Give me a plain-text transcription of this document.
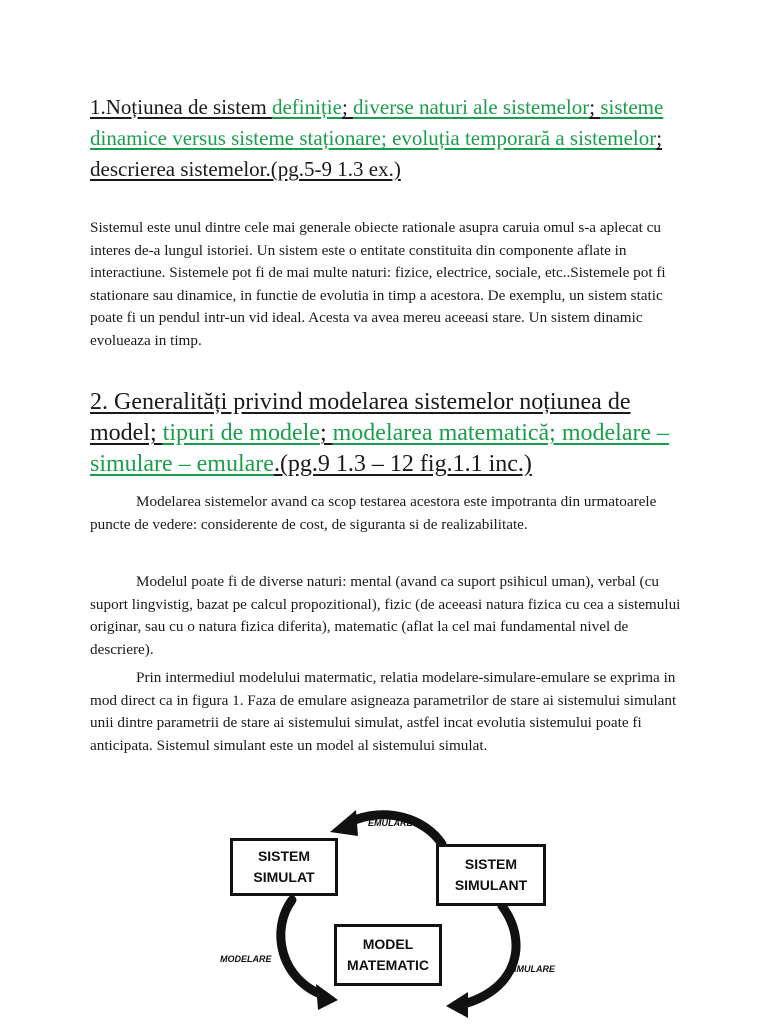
1.Noțiunea de sistem definiție; diverse naturi ale sistemelor; sisteme dinamice versus sisteme staționare; evoluția temporară a sistemelor; descrierea sistemelor.(pg.5-9 1.3 ex.)

Sistemul este unul dintre cele mai generale obiecte rationale asupra caruia omul s-a aplecat cu interes de-a lungul istoriei. Un sistem este o entitate constituita din componente aflate in interactiune. Sistemele pot fi de mai multe naturi: fizice, electrice, sociale, etc..Sistemele pot fi stationare sau dinamice, in functie de evolutia in timp a acestora. De exemplu, un sistem static poate fi un pendul intr-un vid ideal. Acesta va avea mereu aceeasi stare. Un sistem dinamic evolueaza in timp.

2. Generalități privind modelarea sistemelor noțiunea de model; tipuri de modele; modelarea matematică; modelare – simulare – emulare.(pg.9 1.3 – 12 fig.1.1 inc.)

Modelarea sistemelor avand ca scop testarea acestora este impotranta din urmatoarele puncte de vedere: considerente de cost, de siguranta si de realizabilitate.

Modelul poate fi de diverse naturi: mental (avand ca suport psihicul uman), verbal (cu suport lingvistig, bazat pe calcul propozitional), fizic (de aceeasi natura fizica cu cea a sistemului originar, sau cu o natura fizica diferita), matematic (aflat la cel mai fundamental nivel de descriere).

Prin intermediul modelului matermatic, relatia modelare-simulare-emulare se exprima in mod direct ca in figura 1. Faza de emulare asigneaza parametrilor de stare ai sistemului simulant unii dintre parametrii de stare ai sistemului simulat, astfel incat evolutia sistemului poate fi anticipata. Sistemul simulant este un model al sistemului simulat.

SISTEM
SIMULAT
SISTEM
SIMULANT
MODEL
MATEMATIC
EMULARE
MODELARE
SIMULARE
